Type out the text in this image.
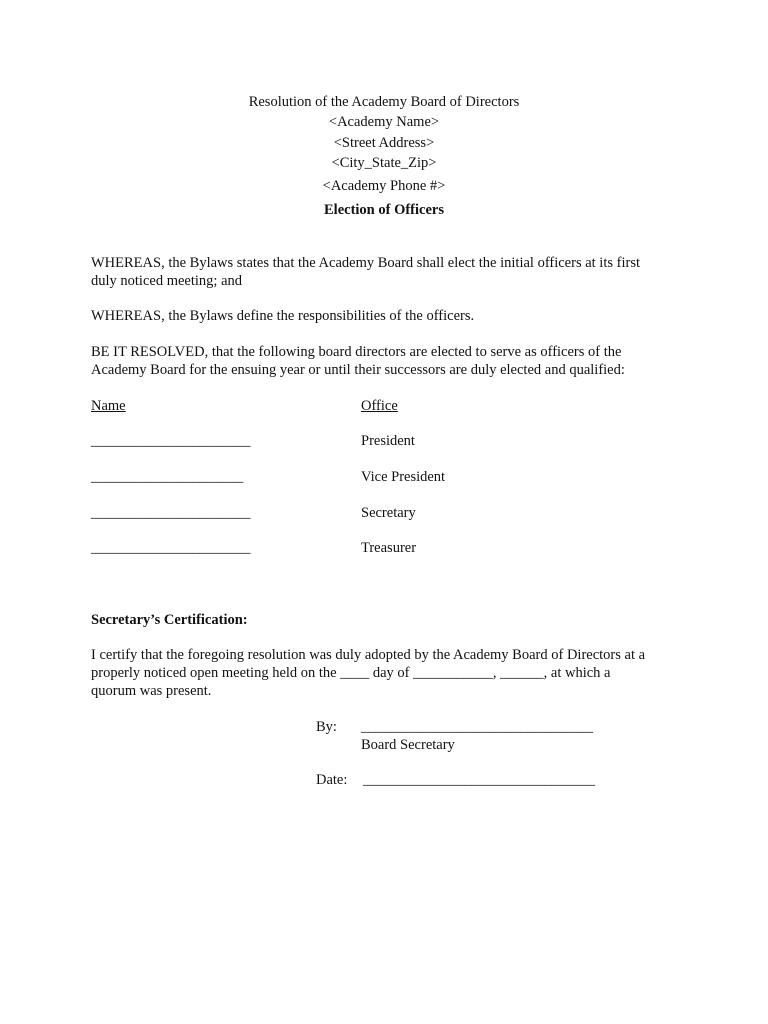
Resolution of the Academy Board of Directors
<Academy Name>
<Street Address>
<City_State_Zip>
<Academy Phone #>
Election of Officers
WHEREAS, the Bylaws states that the Academy Board shall elect the initial officers at its first
duly noticed meeting; and
WHEREAS, the Bylaws define the responsibilities of the officers.
BE IT RESOLVED, that the following board directors are elected to serve as officers of the
Academy Board for the ensuing year or until their successors are duly elected and qualified:
Name	Office
______________________	President
_____________________	Vice President
______________________	Secretary
______________________	Treasurer
Secretary’s Certification:
I certify that the foregoing resolution was duly adopted by the Academy Board of Directors at a
properly noticed open meeting held on the ____ day of ___________, ______, at which a
quorum was present.
By: ________________________________
Board Secretary
Date: ________________________________
